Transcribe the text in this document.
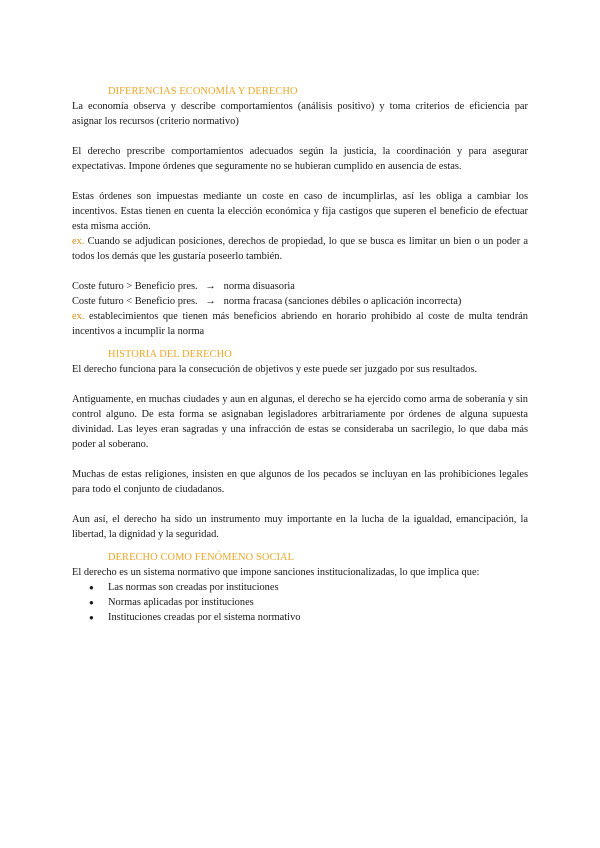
DIFERENCIAS ECONOMÍA Y DERECHO

La economía observa y describe comportamientos (análisis positivo) y toma criterios de eficiencia par asignar los recursos (criterio normativo)

El derecho prescribe comportamientos adecuados según la justicia, la coordinación y para asegurar expectativas. Impone órdenes que seguramente no se hubieran cumplido en ausencia de estas.

Estas órdenes son impuestas mediante un coste en caso de incumplirlas, así les obliga a cambiar los incentivos. Estas tienen en cuenta la elección económica y fija castigos que superen el beneficio de efectuar esta misma acción.

ex. Cuando se adjudican posiciones, derechos de propiedad, lo que se busca es limitar un bien o un poder a todos los demás que les gustaría poseerlo también.

Coste futuro > Beneficio pres. → norma disuasoria

Coste futuro < Beneficio pres. → norma fracasa (sanciones débiles o aplicación incorrecta)

ex. establecimientos que tienen más beneficios abriendo en horario prohibido al coste de multa tendrán incentivos a incumplir la norma

HISTORIA DEL DERECHO

El derecho funciona para la consecución de objetivos y este puede ser juzgado por sus resultados.

Antiguamente, en muchas ciudades y aun en algunas, el derecho se ha ejercido como arma de soberanía y sin control alguno. De esta forma se asignaban legisladores arbitrariamente por órdenes de alguna supuesta divinidad. Las leyes eran sagradas y una infracción de estas se consideraba un sacrilegio, lo que daba más poder al soberano.

Muchas de estas religiones, insisten en que algunos de los pecados se incluyan en las prohibiciones legales para todo el conjunto de ciudadanos.

Aun así, el derecho ha sido un instrumento muy importante en la lucha de la igualdad, emancipación, la libertad, la dignidad y la seguridad.

DERECHO COMO FENÓMENO SOCIAL

El derecho es un sistema normativo que impone sanciones institucionalizadas, lo que implica que:

● Las normas son creadas por instituciones
● Normas aplicadas por instituciones
● Instituciones creadas por el sistema normativo
